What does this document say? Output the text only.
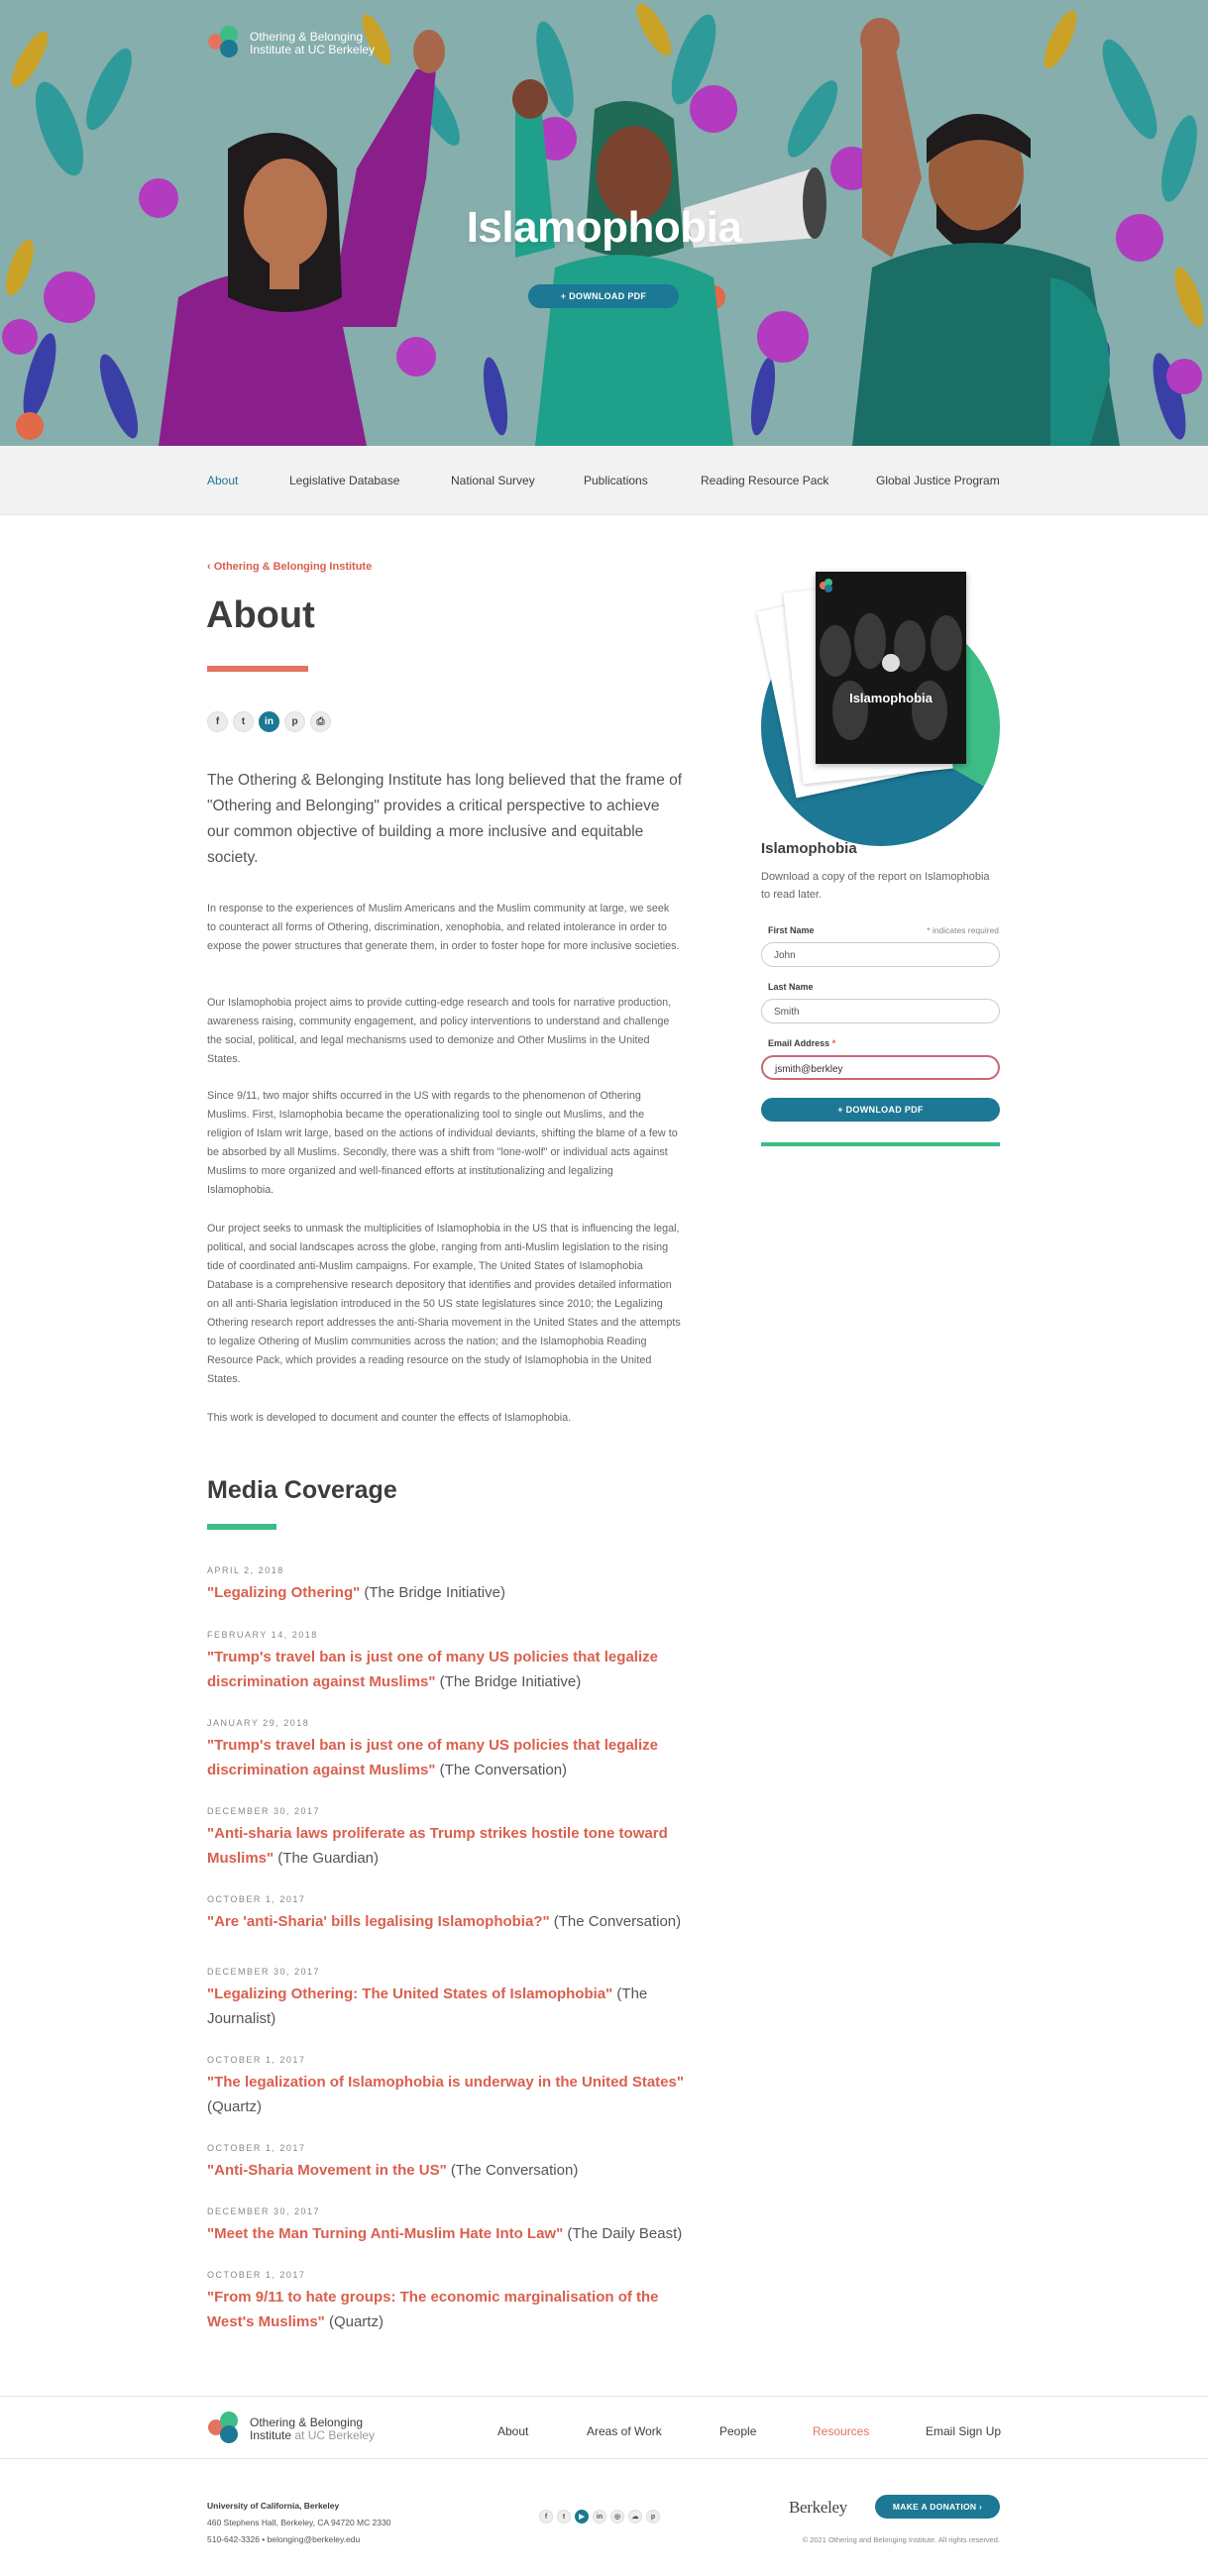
Othering & Belonging
Institute at UC Berkeley
Islamophobia
+ DOWNLOAD PDF
About	Legislative Database	National Survey	Publications	Reading Resource Pack	Global Justice Program
‹ Othering & Belonging Institute
About
f	t	in	p	⎙

The Othering & Belonging Institute has long believed that the frame of "Othering and Belonging" provides a critical perspective to achieve our common objective of building a more inclusive and equitable society.

In response to the experiences of Muslim Americans and the Muslim community at large, we seek to counteract all forms of Othering, discrimination, xenophobia, and related intolerance in order to expose the power structures that generate them, in order to foster hope for more inclusive societies.

Our Islamophobia project aims to provide cutting-edge research and tools for narrative production, awareness raising, community engagement, and policy interventions to understand and challenge the social, political, and legal mechanisms used to demonize and Other Muslims in the United States.

Since 9/11, two major shifts occurred in the US with regards to the phenomenon of Othering Muslims. First, Islamophobia became the operationalizing tool to single out Muslims, and the religion of Islam writ large, based on the actions of individual deviants, shifting the blame of a few to be absorbed by all Muslims. Secondly, there was a shift from "lone-wolf" or individual acts against Muslims to more organized and well-financed efforts at institutionalizing and legalizing Islamophobia.

Our project seeks to unmask the multiplicities of Islamophobia in the US that is influencing the legal, political, and social landscapes across the globe, ranging from anti-Muslim legislation to the rising tide of coordinated anti-Muslim campaigns. For example, The United States of Islamophobia Database is a comprehensive research depository that identifies and provides detailed information on all anti-Sharia legislation introduced in the 50 US state legislatures since 2010; the Legalizing Othering research report addresses the anti-Sharia movement in the United States and the attempts to legalize Othering of Muslim communities across the nation; and the Islamophobia Reading Resource Pack, which provides a reading resource on the study of Islamophobia in the United States.

This work is developed to document and counter the effects of Islamophobia.

Media Coverage
APRIL 2, 2018
"Legalizing Othering" (The Bridge Initiative)
FEBRUARY 14, 2018
"Trump's travel ban is just one of many US policies that legalize discrimination against Muslims" (The Bridge Initiative)
JANUARY 29, 2018
"Trump's travel ban is just one of many US policies that legalize discrimination against Muslims" (The Conversation)
DECEMBER 30, 2017
"Anti-sharia laws proliferate as Trump strikes hostile tone toward Muslims" (The Guardian)
OCTOBER 1, 2017
"Are 'anti-Sharia' bills legalising Islamophobia?" (The Conversation)
DECEMBER 30, 2017
"Legalizing Othering: The United States of Islamophobia" (The Journalist)
OCTOBER 1, 2017
"The legalization of Islamophobia is underway in the United States" (Quartz)
OCTOBER 1, 2017
"Anti-Sharia Movement in the US" (The Conversation)
DECEMBER 30, 2017
"Meet the Man Turning Anti-Muslim Hate Into Law" (The Daily Beast)
OCTOBER 1, 2017
"From 9/11 to hate groups: The economic marginalisation of the West's Muslims" (Quartz)
Islamophobia
Islamophobia

Download a copy of the report on Islamophobia to read later.

First Name	* indicates required
John
Last Name
Smith
Email Address *
jsmith@berkley
+ DOWNLOAD PDF
Othering & Belonging
Institute at UC Berkeley	About	Areas of Work	People	Resources	Email Sign Up
University of California, Berkeley
460 Stephens Hall, Berkeley, CA 94720 MC 2330
510-642-3326 • belonging@berkeley.edu
f	t	▶	in	◎	☁	p	Berkeley	MAKE A DONATION ›
© 2021 Othering and Belonging Institute. All rights reserved.
